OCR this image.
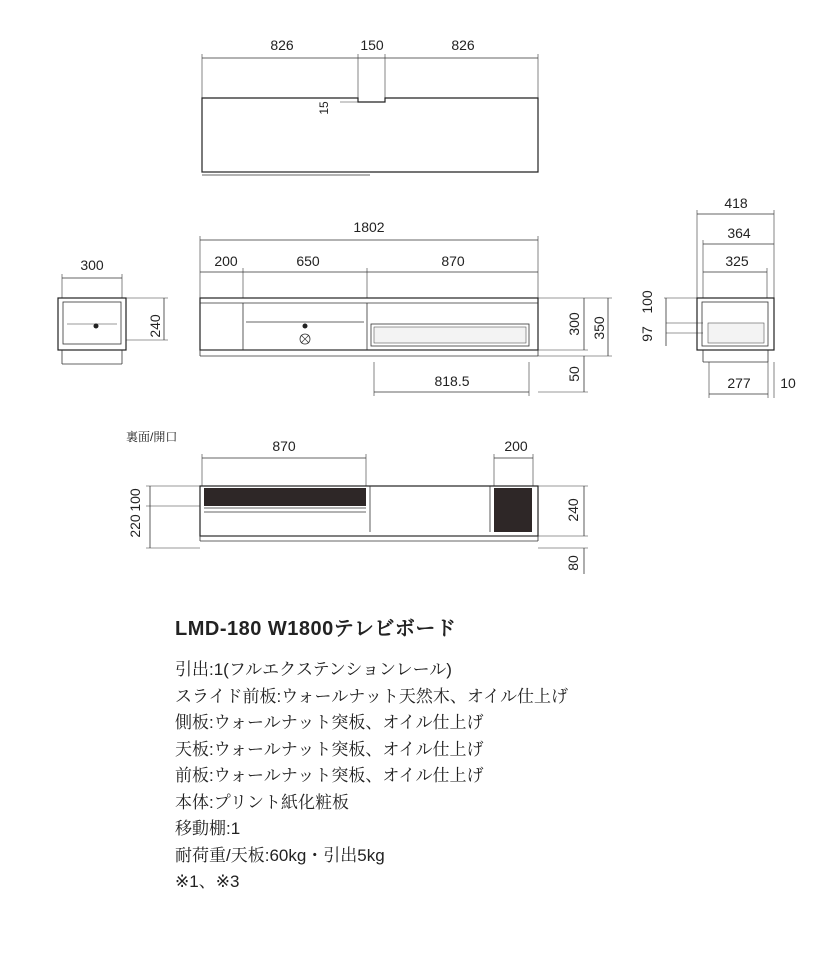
826	150	826
15
300
240
1802
200	650	870
818.5
300 350
50
418
364
325
100
97
277 10
裏面/開口
870	200
100
220
240
80
LMD-180 W1800テレビボード
引出:1(フルエクステンションレール)
スライド前板:ウォールナット天然木、オイル仕上げ
側板:ウォールナット突板、オイル仕上げ
天板:ウォールナット突板、オイル仕上げ
前板:ウォールナット突板、オイル仕上げ
本体:プリント紙化粧板
移動棚:1
耐荷重/天板:60kg・引出5kg
※1、※3
